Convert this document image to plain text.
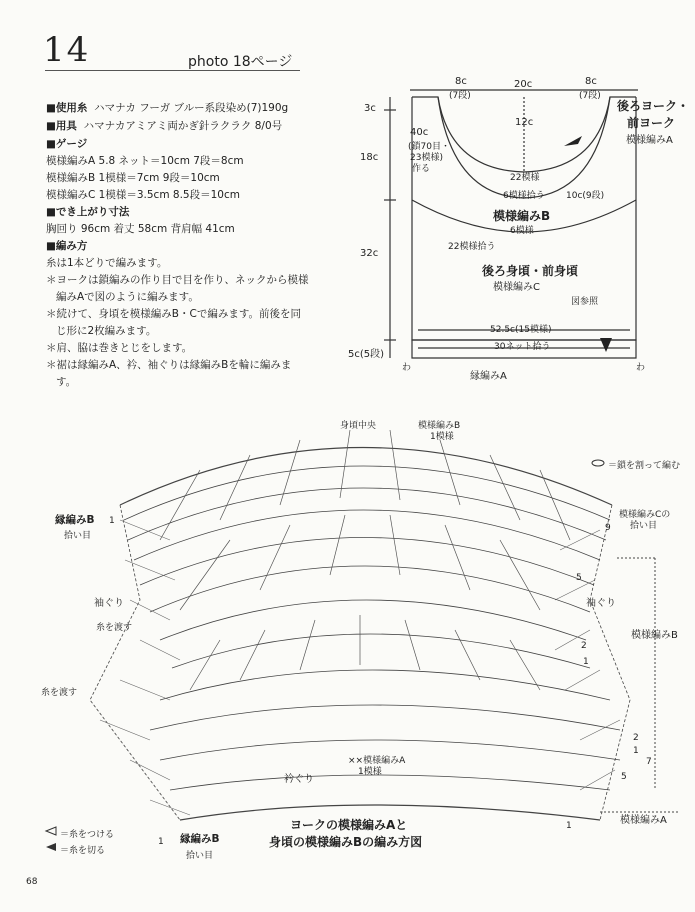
14	photo 18ページ
■使用糸 ハマナカ フーガ ブルー系段染め(7)190g
■用具 ハマナカアミアミ両かぎ針ラクラク 8/0号
■ゲージ
模様編みA 5.8 ネット＝10cm 7段＝8cm
模様編みB 1模様＝7cm 9段＝10cm
模様編みC 1模様＝3.5cm 8.5段＝10cm
■でき上がり寸法
胸回り 96cm 着丈 58cm 背肩幅 41cm
■編み方
糸は1本どりで編みます。
＊ヨークは鎖編みの作り目で目を作り、ネックから模様
編みAで図のように編みます。
＊続けて、身頃を模様編みB・Cで編みます。前後を同
じ形に2枚編みます。
＊肩、脇は巻きとじをします。
＊裾は縁編みA、衿、袖ぐりは縁編みBを輪に編みま
す。
8c
(7段)
20c	8c
(7段)
後ろヨーク・
前ヨーク
模様編みA
3c
18c
32c
5c(5段)
40c
(鎖70目・
23模様)
作る
12c
22模様
6模様拾う 10c(9段)
模様編みB
6模様
22模様拾う
後ろ身頃・前身頃
模様編みC
図参照
52.5c(15模様)
30ネット拾う
わ	わ
縁編みA
身頃中央	模様編みB
1模様
＝鎖を割って編む
縁編みB
拾い目
模様編みCの
拾い目
袖ぐり	袖ぐり
糸を渡す
糸を渡す
模様編みB
××模様編みA
1模様
衿ぐり
模様編みA
縁編みB
拾い目
1
9
5
2
1
2
1
7
5
1
1
＝糸をつける
＝糸を切る
ヨークの模様編みAと
身頃の模様編みBの編み方図
68
